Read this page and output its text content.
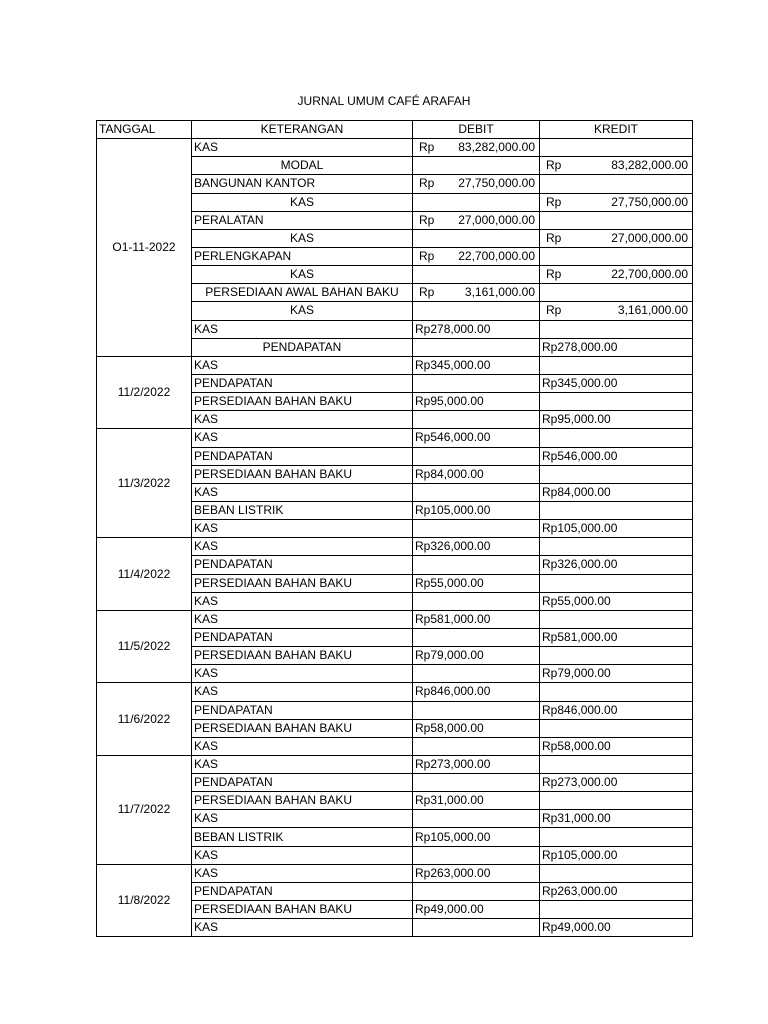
JURNAL UMUM CAFÉ ARAFAH
TANGGAL	KETERANGAN	DEBIT	KREDIT
O1-11-2022	KAS	Rp 83,282,000.00	

	MODAL		Rp 83,282,000.00

	BANGUNAN KANTOR	Rp 27,750,000.00	

	KAS		Rp 27,750,000.00

	PERALATAN	Rp 27,000,000.00	

	KAS		Rp 27,000,000.00

	PERLENGKAPAN	Rp 22,700,000.00	

	KAS		Rp 22,700,000.00

	PERSEDIAAN AWAL BAHAN BAKU	Rp 3,161,000.00	

	KAS		Rp 3,161,000.00

	KAS	Rp278,000.00	
	PENDAPATAN		Rp278,000.00
11/2/2022	KAS	Rp345,000.00	
	PENDAPATAN		Rp345,000.00
	PERSEDIAAN BAHAN BAKU	Rp95,000.00	
	KAS		Rp95,000.00
11/3/2022	KAS	Rp546,000.00	
	PENDAPATAN		Rp546,000.00
	PERSEDIAAN BAHAN BAKU	Rp84,000.00	
	KAS		Rp84,000.00
	BEBAN LISTRIK	Rp105,000.00	
	KAS		Rp105,000.00
11/4/2022	KAS	Rp326,000.00	
	PENDAPATAN		Rp326,000.00
	PERSEDIAAN BAHAN BAKU	Rp55,000.00	
	KAS		Rp55,000.00
11/5/2022	KAS	Rp581,000.00	
	PENDAPATAN		Rp581,000.00
	PERSEDIAAN BAHAN BAKU	Rp79,000.00	
	KAS		Rp79,000.00
11/6/2022	KAS	Rp846,000.00	
	PENDAPATAN		Rp846,000.00
	PERSEDIAAN BAHAN BAKU	Rp58,000.00	
	KAS		Rp58,000.00
11/7/2022	KAS	Rp273,000.00	
	PENDAPATAN		Rp273,000.00
	PERSEDIAAN BAHAN BAKU	Rp31,000.00	
	KAS		Rp31,000.00
	BEBAN LISTRIK	Rp105,000.00	
	KAS		Rp105,000.00
11/8/2022	KAS	Rp263,000.00	
	PENDAPATAN		Rp263,000.00
	PERSEDIAAN BAHAN BAKU	Rp49,000.00	
	KAS		Rp49,000.00
